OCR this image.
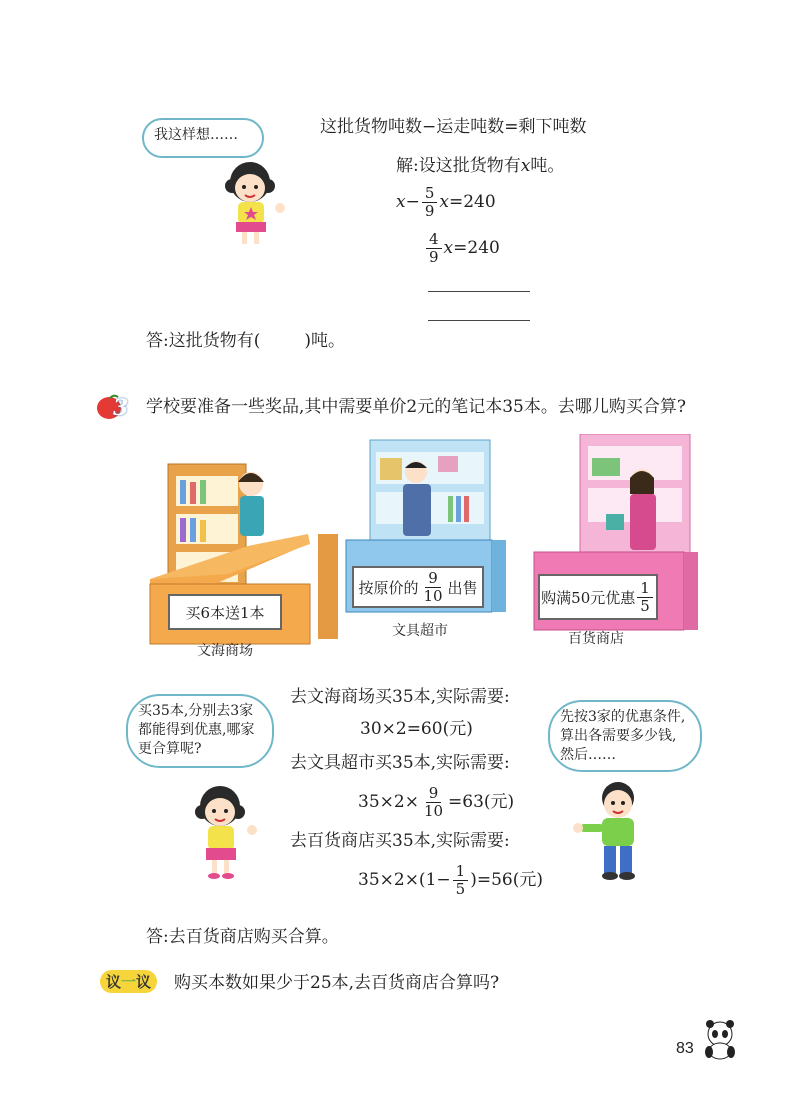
我这样想……	这批货物吨数−运走吨数=剩下吨数
解:设这批货物有x吨。
$x - \frac{5}{9}$ x =240
$\frac{4}{9}$ x =240
答:这批货物有(	)吨。
3 学校要准备一些奖品,其中需要单价2元的笔记本35本。去哪儿购买合算?
买6本送1本
按原价的 $\frac{9}{10}$ 出售
购满50元优惠 $\frac{1}{5}$
文海商场
文具超市	百货商店
买35本,分别去3家都能得到优惠,哪家更合算呢?
先按3家的优惠条件,算出各需要多少钱,然后……
去文海商场买35本,实际需要:
30×2=60(元)
去文具超市买35本,实际需要:
$35\times 2\times \frac{9}{10} =63$(元)
去百货商店买35本,实际需要:
$35\times 2\times(1- \frac{1}{5} )=56$(元)
答:去百货商店购买合算。
议一议	购买本数如果少于25本,去百货商店合算吗?
83
